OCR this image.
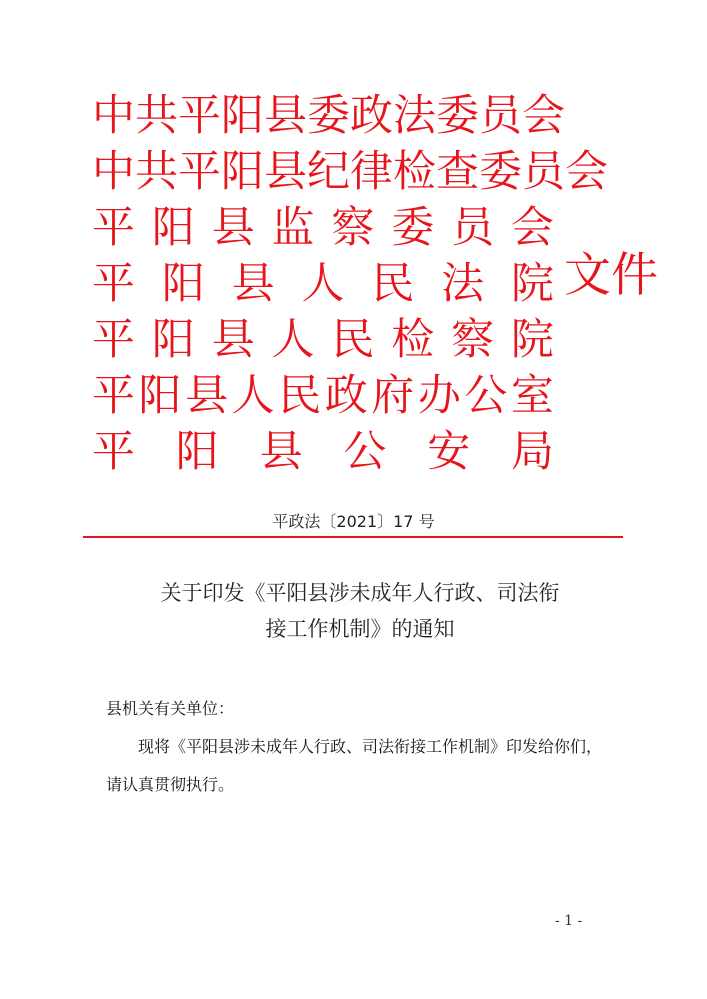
中 共 平 阳 县 委 政 法 委 员 会
中 共 平 阳 县 纪 律 检 查 委 员 会
平 阳 县 监 察 委 员 会
平 阳 县 人 民 法 院
平 阳 县 人 民 检 察 院
平 阳 县 人 民 政 府 办 公 室
平 阳 县 公 安 局
文件
平政法〔2021〕17 号
关于印发《平阳县涉未成年人行政、司法衔
接工作机制》的通知

县机关有关单位：

现将《平阳县涉未成年人行政、司法衔接工作机制》印发给你们，请认真贯彻执行。

- 1 -
